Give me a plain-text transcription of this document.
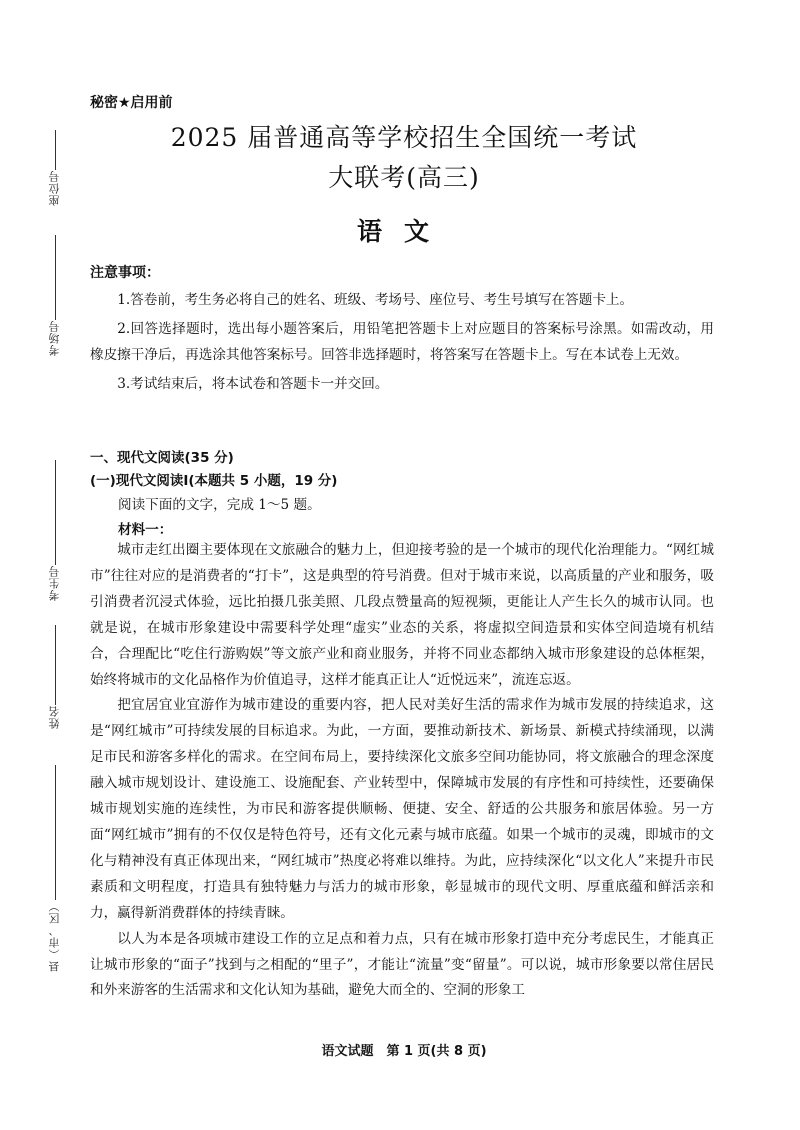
座位号
考场号
考生号
姓名
县（市、区）
秘密★启用前
2025 届普通高等学校招生全国统一考试
大联考(高三)
语文
注意事项：

1.答卷前，考生务必将自己的姓名、班级、考场号、座位号、考生号填写在答题卡上。

2.回答选择题时，选出每小题答案后，用铅笔把答题卡上对应题目的答案标号涂黑。如需改动，用橡皮擦干净后，再选涂其他答案标号。回答非选择题时，将答案写在答题卡上。写在本试卷上无效。

3.考试结束后，将本试卷和答题卡一并交回。

一、现代文阅读(35 分)
(一)现代文阅读Ⅰ(本题共 5 小题，19 分)
阅读下面的文字，完成 1～5 题。
材料一：

城市走红出圈主要体现在文旅融合的魅力上，但迎接考验的是一个城市的现代化治理能力。“网红城市”往往对应的是消费者的“打卡”，这是典型的符号消费。但对于城市来说，以高质量的产业和服务，吸引消费者沉浸式体验，远比拍摄几张美照、几段点赞量高的短视频，更能让人产生长久的城市认同。也就是说，在城市形象建设中需要科学处理“虚实”业态的关系，将虚拟空间造景和实体空间造境有机结合，合理配比“吃住行游购娱”等文旅产业和商业服务，并将不同业态都纳入城市形象建设的总体框架，始终将城市的文化品格作为价值追寻，这样才能真正让人“近悦远来”，流连忘返。

把宜居宜业宜游作为城市建设的重要内容，把人民对美好生活的需求作为城市发展的持续追求，这是“网红城市”可持续发展的目标追求。为此，一方面，要推动新技术、新场景、新模式持续涌现，以满足市民和游客多样化的需求。在空间布局上，要持续深化文旅多空间功能协同，将文旅融合的理念深度融入城市规划设计、建设施工、设施配套、产业转型中，保障城市发展的有序性和可持续性，还要确保城市规划实施的连续性，为市民和游客提供顺畅、便捷、安全、舒适的公共服务和旅居体验。另一方面“网红城市”拥有的不仅仅是特色符号，还有文化元素与城市底蕴。如果一个城市的灵魂，即城市的文化与精神没有真正体现出来，“网红城市”热度必将难以维持。为此，应持续深化“以文化人”来提升市民素质和文明程度，打造具有独特魅力与活力的城市形象，彰显城市的现代文明、厚重底蕴和鲜活亲和力，赢得新消费群体的持续青睐。

以人为本是各项城市建设工作的立足点和着力点，只有在城市形象打造中充分考虑民生，才能真正让城市形象的“面子”找到与之相配的“里子”，才能让“流量”变“留量”。可以说，城市形象要以常住居民和外来游客的生活需求和文化认知为基础，避免大而全的、空洞的形象工

语文试题　第 1 页(共 8 页)
